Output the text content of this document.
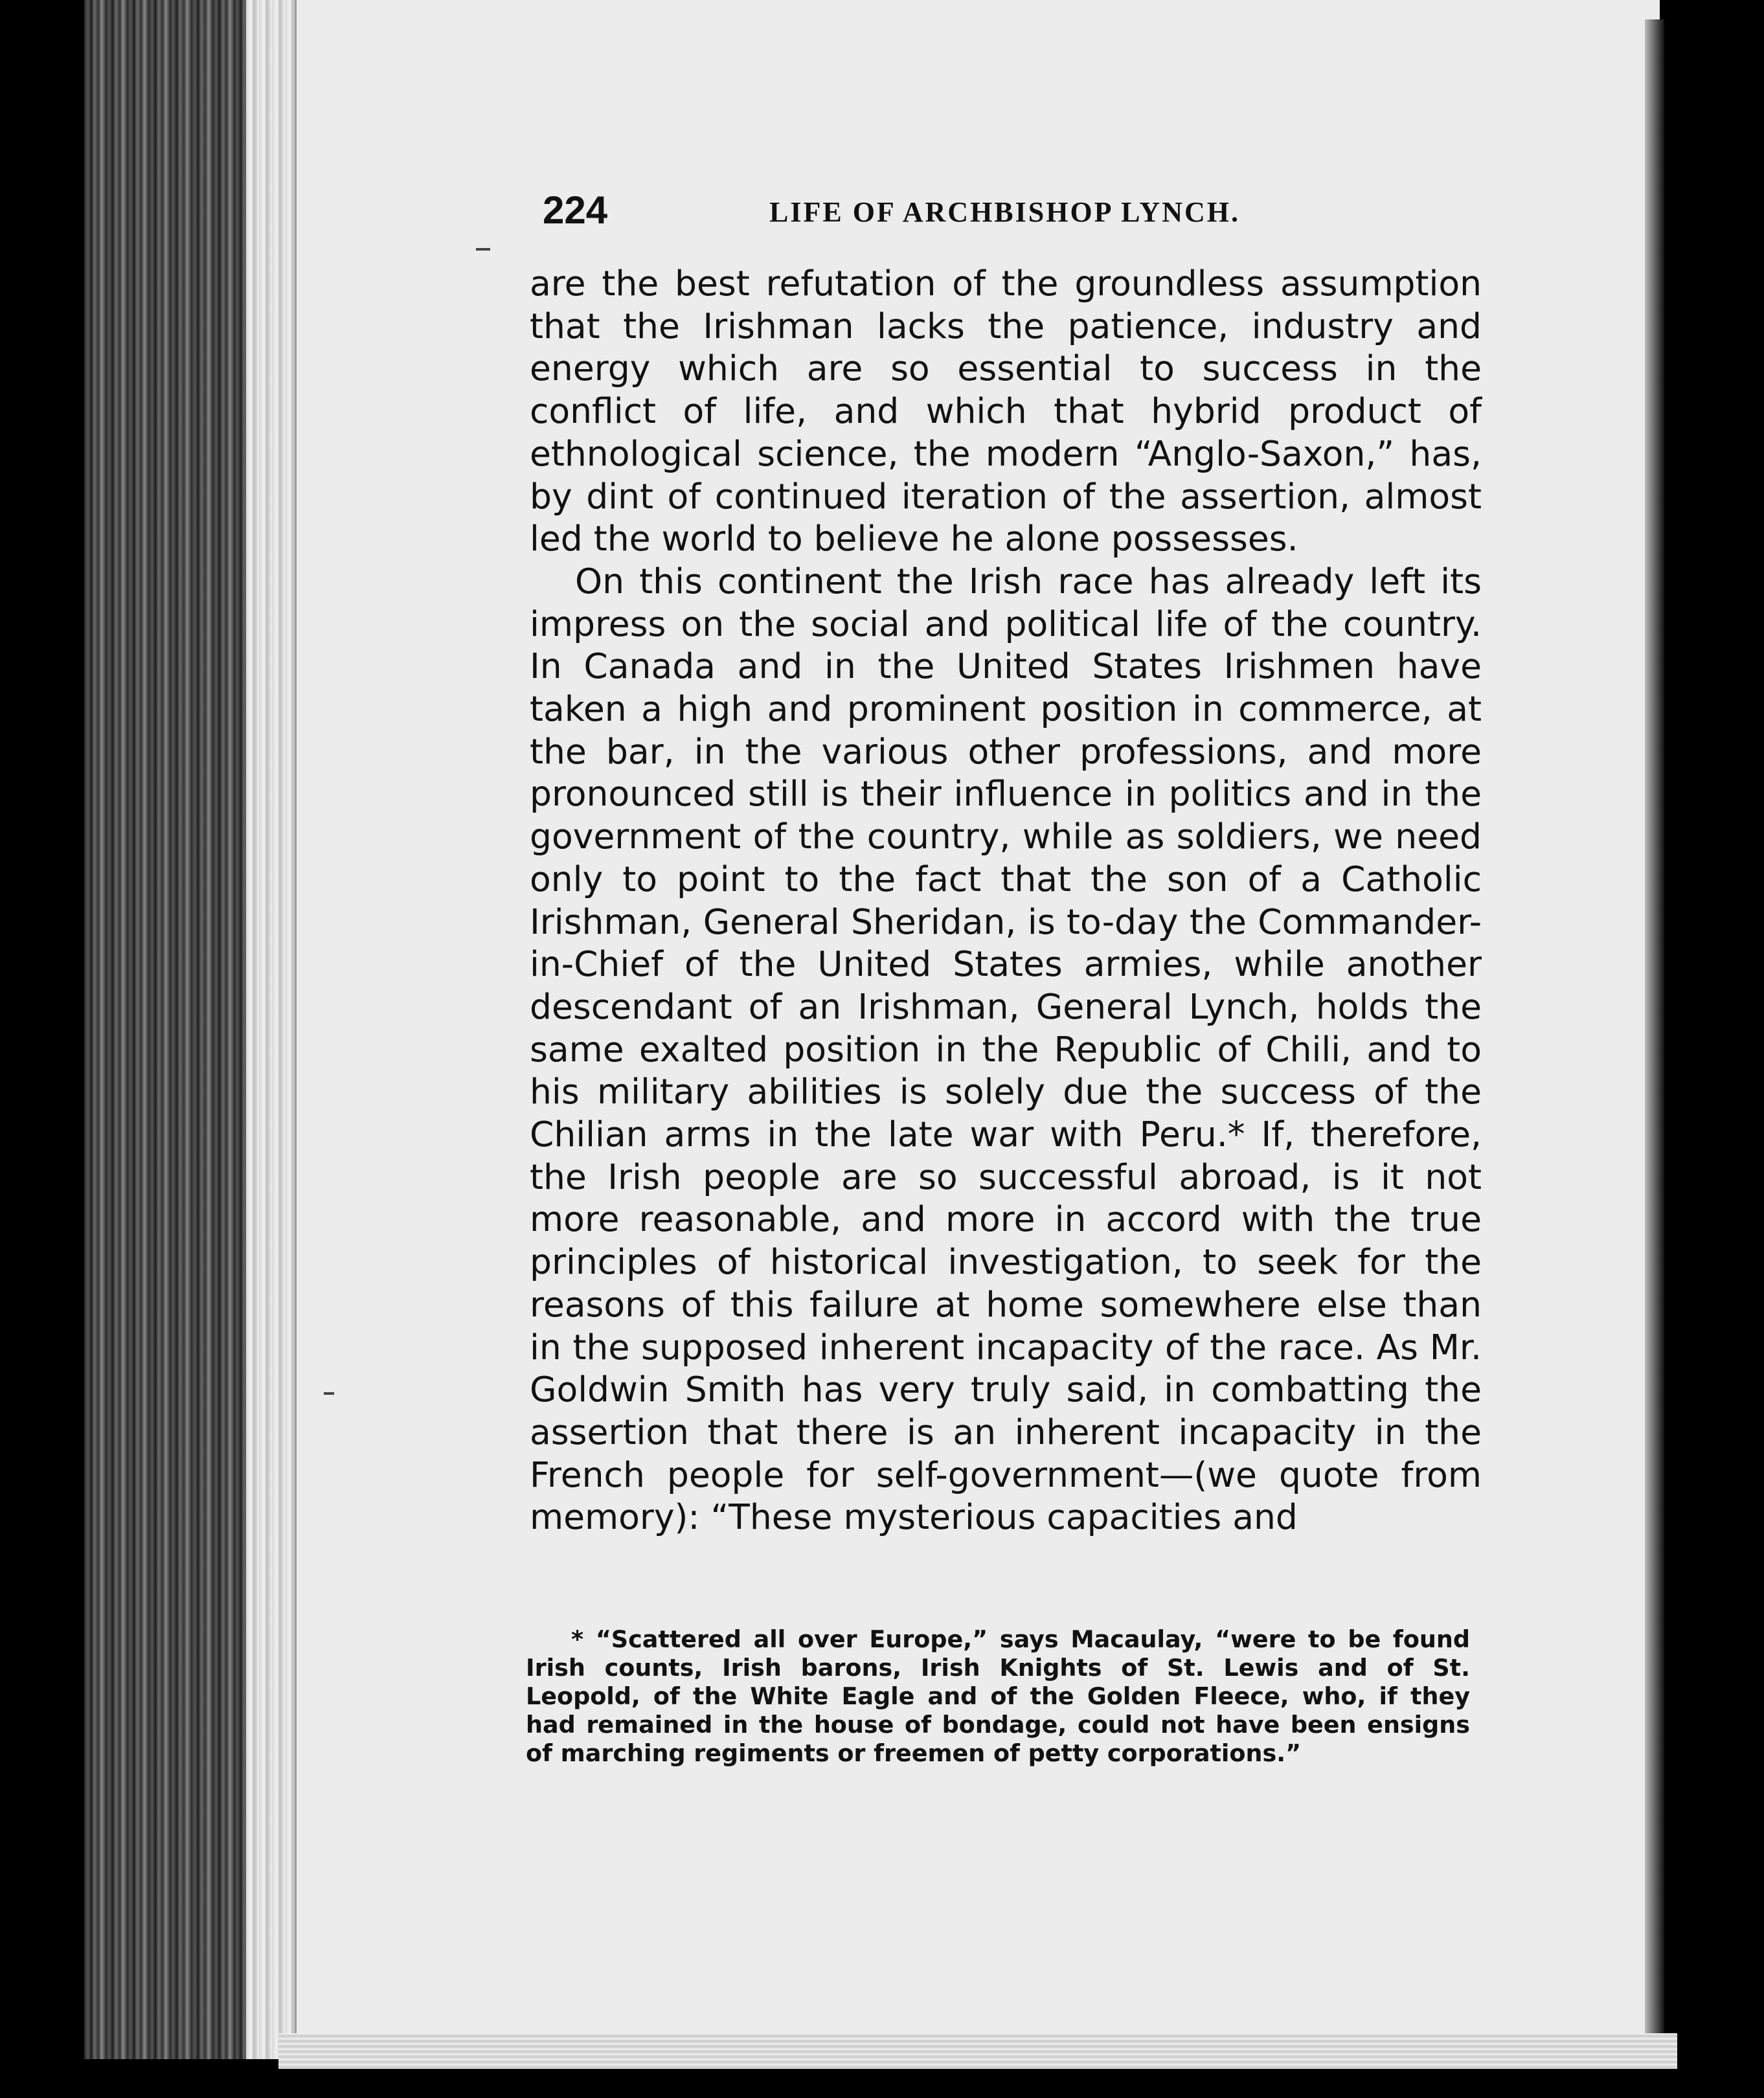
224	LIFE OF ARCHBISHOP LYNCH.

are the best refutation of the groundless assumption that the Irishman lacks the patience, industry and energy which are so essential to success in the conflict of life, and which that hybrid product of ethnological science, the modern “Anglo-Saxon,” has, by dint of continued iteration of the assertion, almost led the world to believe he alone possesses.

On this continent the Irish race has already left its impress on the social and political life of the country. In Canada and in the United States Irishmen have taken a high and prominent position in commerce, at the bar, in the various other professions, and more pronounced still is their influence in politics and in the government of the country, while as soldiers, we need only to point to the fact that the son of a Catholic Irishman, General Sheridan, is to-day the Commander-in-Chief of the United States armies, while another descendant of an Irishman, General Lynch, holds the same exalted position in the Republic of Chili, and to his military abilities is solely due the success of the Chilian arms in the late war with Peru.* If, therefore, the Irish people are so successful abroad, is it not more reasonable, and more in accord with the true principles of historical investigation, to seek for the reasons of this failure at home somewhere else than in the supposed inherent incapacity of the race. As Mr. Goldwin Smith has very truly said, in combatting the assertion that there is an inherent incapacity in the French people for self-government—(we quote from memory): “These mysterious capacities and

* “Scattered all over Europe,” says Macaulay, “were to be found Irish counts, Irish barons, Irish Knights of St. Lewis and of St. Leopold, of the White Eagle and of the Golden Fleece, who, if they had remained in the house of bondage, could not have been ensigns of marching regiments or freemen of petty corporations.”
